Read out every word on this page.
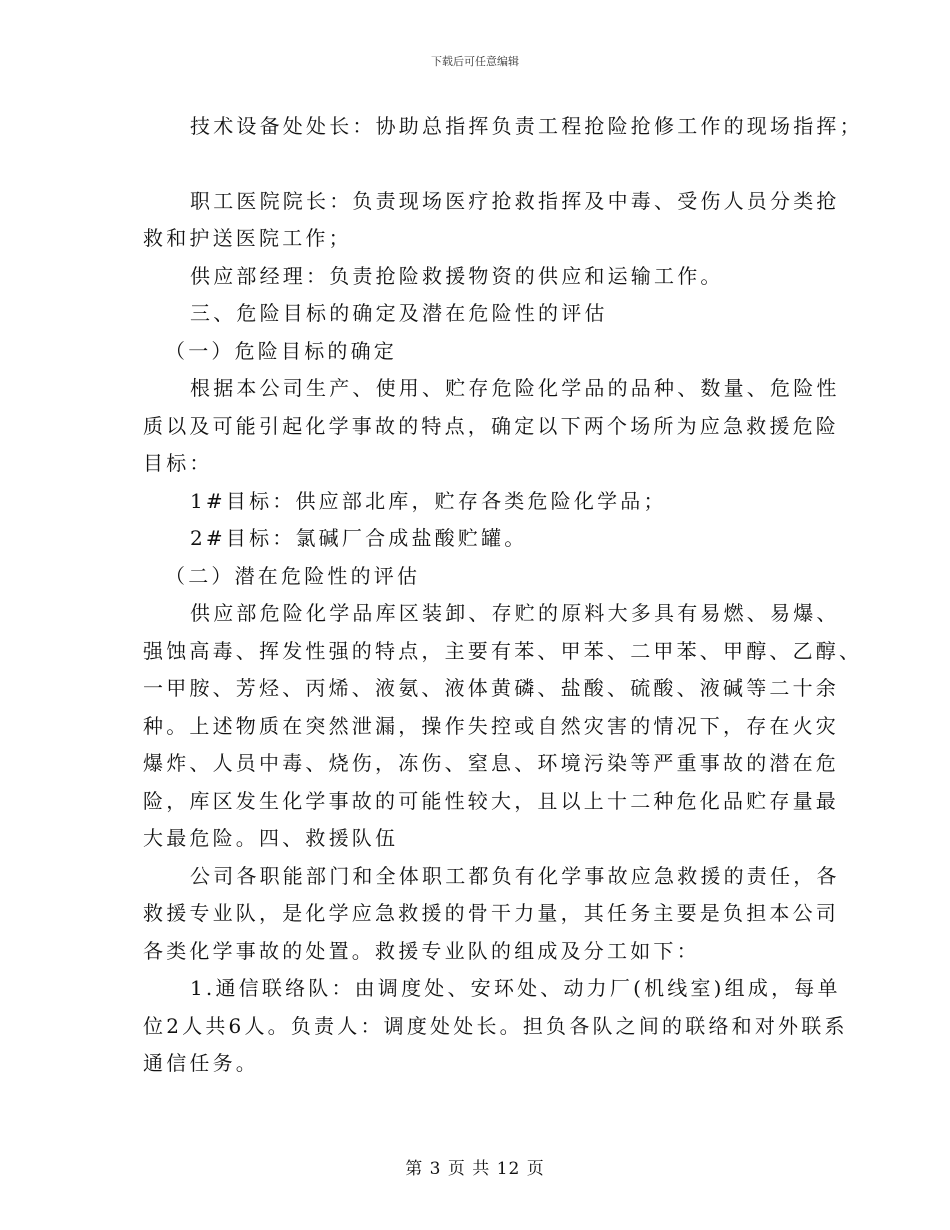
下载后可任意编辑
技术设备处处长：协助总指挥负责工程抢险抢修工作的现场指挥；
职工医院院长：负责现场医疗抢救指挥及中毒、受伤人员分类抢
救和护送医院工作；
供应部经理：负责抢险救援物资的供应和运输工作。
三、危险目标的确定及潜在危险性的评估
（一）危险目标的确定
根据本公司生产、使用、贮存危险化学品的品种、数量、危险性
质以及可能引起化学事故的特点，确定以下两个场所为应急救援危险
目标：
1#目标：供应部北库，贮存各类危险化学品；
2#目标：氯碱厂合成盐酸贮罐。
（二）潜在危险性的评估
供应部危险化学品库区装卸、存贮的原料大多具有易燃、易爆、
强蚀高毒、挥发性强的特点，主要有苯、甲苯、二甲苯、甲醇、乙醇、
一甲胺、芳烃、丙烯、液氨、液体黄磷、盐酸、硫酸、液碱等二十余
种。上述物质在突然泄漏，操作失控或自然灾害的情况下，存在火灾
爆炸、人员中毒、烧伤，冻伤、窒息、环境污染等严重事故的潜在危
险，库区发生化学事故的可能性较大，且以上十二种危化品贮存量最
大最危险。四、救援队伍
公司各职能部门和全体职工都负有化学事故应急救援的责任，各
救援专业队，是化学应急救援的骨干力量，其任务主要是负担本公司
各类化学事故的处置。救援专业队的组成及分工如下：
1.通信联络队：由调度处、安环处、动力厂(机线室)组成，每单
位2人共6人。负责人：调度处处长。担负各队之间的联络和对外联系
通信任务。
第 3 页 共 12 页
